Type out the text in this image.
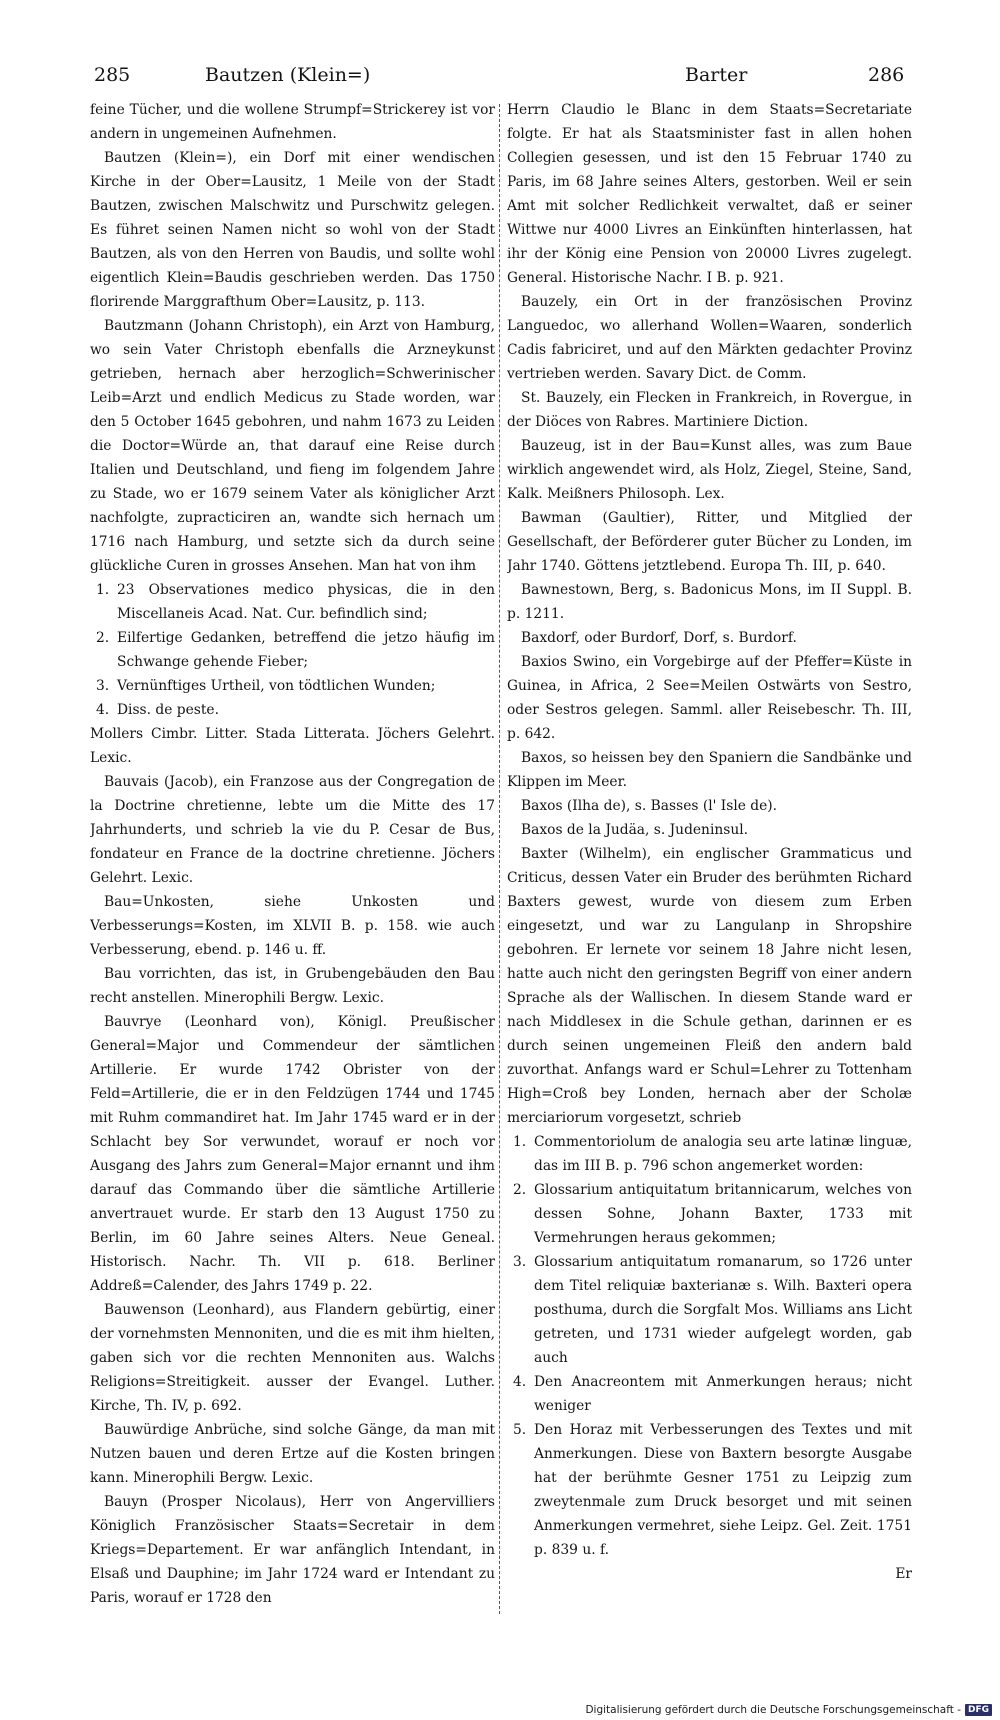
285	Bautzen (Klein=)	Barter	286

feine Tücher, und die wollene Strumpf=Strickerey ist vor andern in ungemeinen Aufnehmen.

Bautzen (Klein=), ein Dorf mit einer wendischen Kirche in der Ober=Lausitz, 1 Meile von der Stadt Bautzen, zwischen Malschwitz und Purschwitz gelegen. Es führet seinen Namen nicht so wohl von der Stadt Bautzen, als von den Herren von Baudis, und sollte wohl eigentlich Klein=Baudis geschrieben werden. Das 1750 florirende Marggrafthum Ober=Lausitz, p. 113.

Bautzmann (Johann Christoph), ein Arzt von Hamburg, wo sein Vater Christoph ebenfalls die Arzneykunst getrieben, hernach aber herzoglich=Schwerinischer Leib=Arzt und endlich Medicus zu Stade worden, war den 5 October 1645 gebohren, und nahm 1673 zu Leiden die Doctor=Würde an, that darauf eine Reise durch Italien und Deutschland, und fieng im folgendem Jahre zu Stade, wo er 1679 seinem Vater als königlicher Arzt nachfolgte, zupracticiren an, wandte sich hernach um 1716 nach Hamburg, und setzte sich da durch seine glückliche Curen in grosses Ansehen. Man hat von ihm

1. 23 Observationes medico physicas, die in den Miscellaneis Acad. Nat. Cur. befindlich sind;
2. Eilfertige Gedanken, betreffend die jetzo häufig im Schwange gehende Fieber;
3. Vernünftiges Urtheil, von tödtlichen Wunden;
4. Diss. de peste.

Mollers Cimbr. Litter. Stada Litterata. Jöchers Gelehrt. Lexic.

Bauvais (Jacob), ein Franzose aus der Congregation de la Doctrine chretienne, lebte um die Mitte des 17 Jahrhunderts, und schrieb la vie du P. Cesar de Bus, fondateur en France de la doctrine chretienne. Jöchers Gelehrt. Lexic.

Bau=Unkosten, siehe Unkosten und Verbesserungs=Kosten, im XLVII B. p. 158. wie auch Verbesserung, ebend. p. 146 u. ff.

Bau vorrichten, das ist, in Grubengebäuden den Bau recht anstellen. Minerophili Bergw. Lexic.

Bauvrye (Leonhard von), Königl. Preußischer General=Major und Commendeur der sämtlichen Artillerie. Er wurde 1742 Obrister von der Feld=Artillerie, die er in den Feldzügen 1744 und 1745 mit Ruhm commandiret hat. Im Jahr 1745 ward er in der Schlacht bey Sor verwundet, worauf er noch vor Ausgang des Jahrs zum General=Major ernannt und ihm darauf das Commando über die sämtliche Artillerie anvertrauet wurde. Er starb den 13 August 1750 zu Berlin, im 60 Jahre seines Alters. Neue Geneal. Historisch. Nachr. Th. VII p. 618. Berliner Addreß=Calender, des Jahrs 1749 p. 22.

Bauwenson (Leonhard), aus Flandern gebürtig, einer der vornehmsten Mennoniten, und die es mit ihm hielten, gaben sich vor die rechten Mennoniten aus. Walchs Religions=Streitigkeit. ausser der Evangel. Luther. Kirche, Th. IV, p. 692.

Bauwürdige Anbrüche, sind solche Gänge, da man mit Nutzen bauen und deren Ertze auf die Kosten bringen kann. Minerophili Bergw. Lexic.

Bauyn (Prosper Nicolaus), Herr von Angervilliers Königlich Französischer Staats=Secretair in dem Kriegs=Departement. Er war anfänglich Intendant, in Elsaß und Dauphine; im Jahr 1724 ward er Intendant zu Paris, worauf er 1728 den

Herrn Claudio le Blanc in dem Staats=Secretariate folgte. Er hat als Staatsminister fast in allen hohen Collegien gesessen, und ist den 15 Februar 1740 zu Paris, im 68 Jahre seines Alters, gestorben. Weil er sein Amt mit solcher Redlichkeit verwaltet, daß er seiner Wittwe nur 4000 Livres an Einkünften hinterlassen, hat ihr der König eine Pension von 20000 Livres zugelegt. General. Historische Nachr. I B. p. 921.

Bauzely, ein Ort in der französischen Provinz Languedoc, wo allerhand Wollen=Waaren, sonderlich Cadis fabriciret, und auf den Märkten gedachter Provinz vertrieben werden. Savary Dict. de Comm.

St. Bauzely, ein Flecken in Frankreich, in Rovergue, in der Diöces von Rabres. Martiniere Diction.

Bauzeug, ist in der Bau=Kunst alles, was zum Baue wirklich angewendet wird, als Holz, Ziegel, Steine, Sand, Kalk. Meißners Philosoph. Lex.

Bawman (Gaultier), Ritter, und Mitglied der Gesellschaft, der Beförderer guter Bücher zu Londen, im Jahr 1740. Göttens jetztlebend. Europa Th. III, p. 640.

Bawnestown, Berg, s. Badonicus Mons, im II Suppl. B. p. 1211.

Baxdorf, oder Burdorf, Dorf, s. Burdorf.

Baxios Swino, ein Vorgebirge auf der Pfeffer=Küste in Guinea, in Africa, 2 See=Meilen Ostwärts von Sestro, oder Sestros gelegen. Samml. aller Reisebeschr. Th. III, p. 642.

Baxos, so heissen bey den Spaniern die Sandbänke und Klippen im Meer.

Baxos (Ilha de), s. Basses (l' Isle de).

Baxos de la Judäa, s. Judeninsul.

Baxter (Wilhelm), ein englischer Grammaticus und Criticus, dessen Vater ein Bruder des berühmten Richard Baxters gewest, wurde von diesem zum Erben eingesetzt, und war zu Langulanp in Shropshire gebohren. Er lernete vor seinem 18 Jahre nicht lesen, hatte auch nicht den geringsten Begriff von einer andern Sprache als der Wallischen. In diesem Stande ward er nach Middlesex in die Schule gethan, darinnen er es durch seinen ungemeinen Fleiß den andern bald zuvorthat. Anfangs ward er Schul=Lehrer zu Tottenham High=Croß bey Londen, hernach aber der Scholæ merciariorum vorgesetzt, schrieb

1. Commentoriolum de analogia seu arte latinæ linguæ, das im III B. p. 796 schon angemerket worden:
2. Glossarium antiquitatum britannicarum, welches von dessen Sohne, Johann Baxter, 1733 mit Vermehrungen heraus gekommen;
3. Glossarium antiquitatum romanarum, so 1726 unter dem Titel reliquiæ baxterianæ s. Wilh. Baxteri opera posthuma, durch die Sorgfalt Mos. Williams ans Licht getreten, und 1731 wieder aufgelegt worden, gab auch
4. Den Anacreontem mit Anmerkungen heraus; nicht weniger
5. Den Horaz mit Verbesserungen des Textes und mit Anmerkungen. Diese von Baxtern besorgte Ausgabe hat der berühmte Gesner 1751 zu Leipzig zum zweytenmale zum Druck besorget und mit seinen Anmerkungen vermehret, siehe Leipz. Gel. Zeit. 1751 p. 839 u. f.

Er

Digitalisierung gefördert durch die Deutsche Forschungsgemeinschaft - DFG
